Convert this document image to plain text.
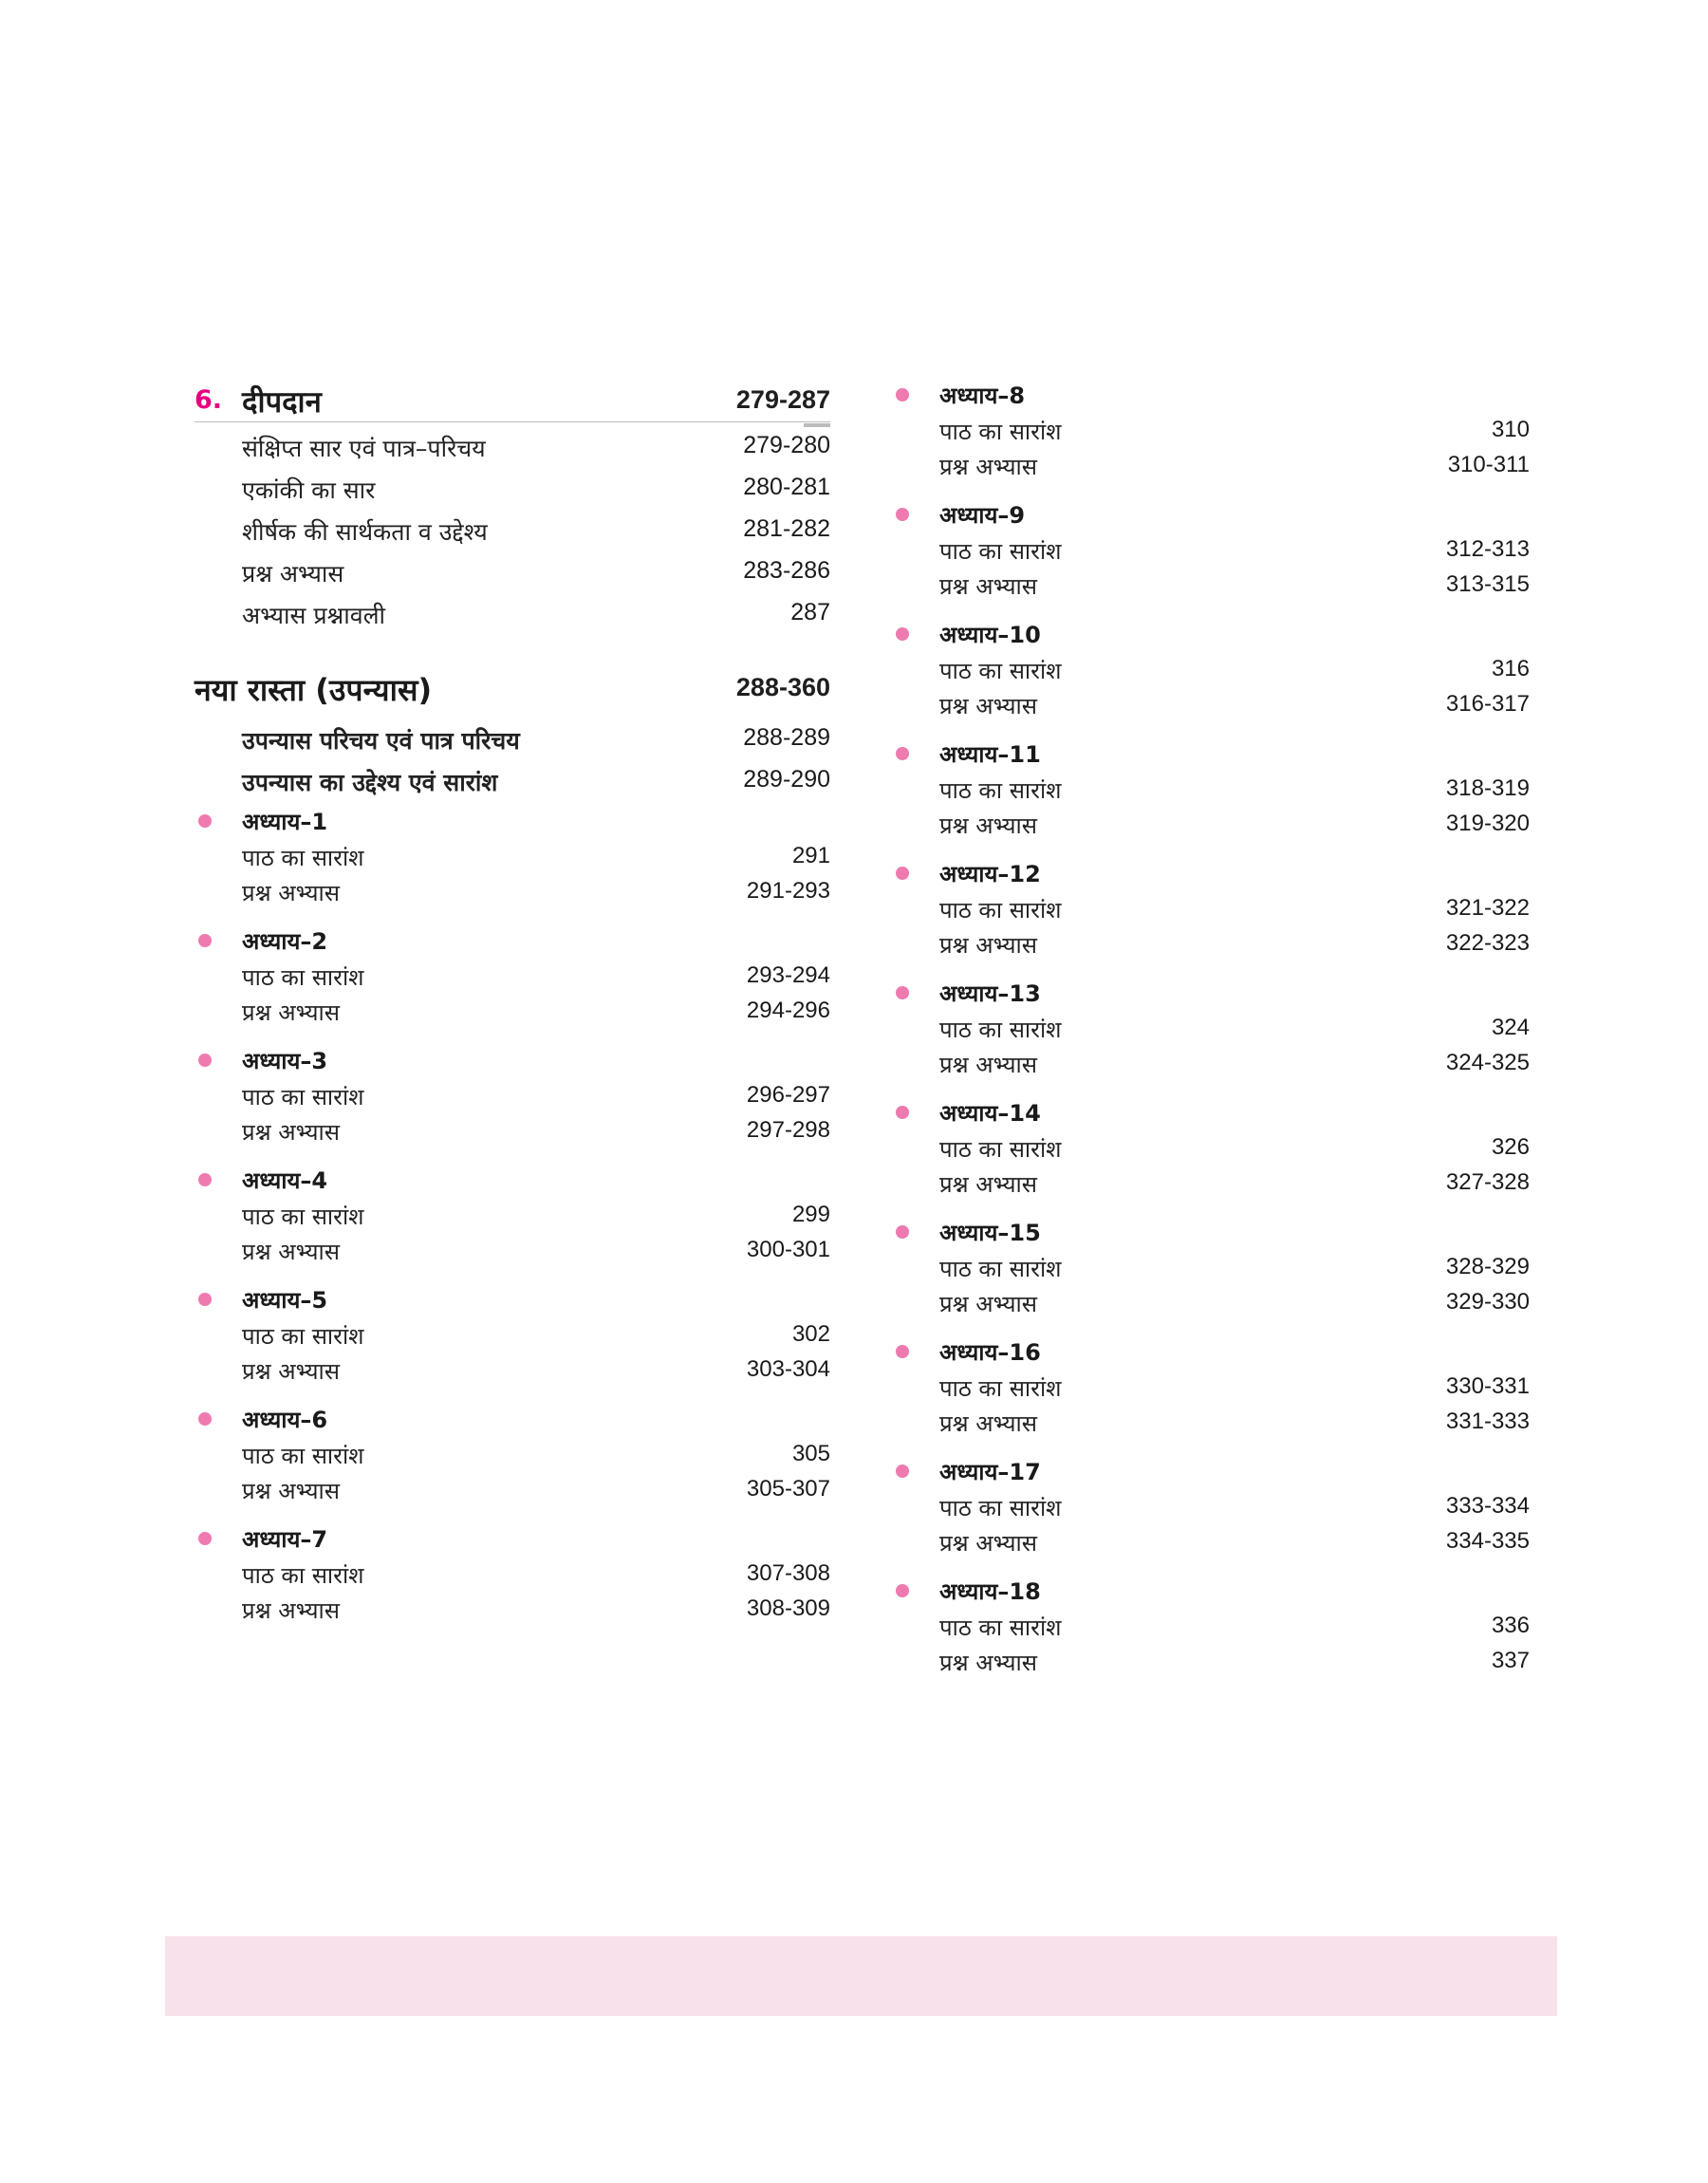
6. दीपदान	279-287
संक्षिप्त सार एवं पात्र–परिचय	279-280
एकांकी का सार	280-281
शीर्षक की सार्थकता व उद्देश्य	281-282
प्रश्न अभ्यास	283-286
अभ्यास प्रश्नावली	287
नया रास्ता (उपन्यास)	288-360
उपन्यास परिचय एवं पात्र परिचय	288-289
उपन्यास का उद्देश्य एवं सारांश	289-290
अध्याय–1
पाठ का सारांश	291
प्रश्न अभ्यास	291-293
अध्याय–2
पाठ का सारांश	293-294
प्रश्न अभ्यास	294-296
अध्याय–3
पाठ का सारांश	296-297
प्रश्न अभ्यास	297-298
अध्याय–4
पाठ का सारांश	299
प्रश्न अभ्यास	300-301
अध्याय–5
पाठ का सारांश	302
प्रश्न अभ्यास	303-304
अध्याय–6
पाठ का सारांश	305
प्रश्न अभ्यास	305-307
अध्याय–7
पाठ का सारांश	307-308
प्रश्न अभ्यास	308-309
अध्याय–8
पाठ का सारांश	310
प्रश्न अभ्यास	310-311
अध्याय–9
पाठ का सारांश	312-313
प्रश्न अभ्यास	313-315
अध्याय–10
पाठ का सारांश	316
प्रश्न अभ्यास	316-317
अध्याय–11
पाठ का सारांश	318-319
प्रश्न अभ्यास	319-320
अध्याय–12
पाठ का सारांश	321-322
प्रश्न अभ्यास	322-323
अध्याय–13
पाठ का सारांश	324
प्रश्न अभ्यास	324-325
अध्याय–14
पाठ का सारांश	326
प्रश्न अभ्यास	327-328
अध्याय–15
पाठ का सारांश	328-329
प्रश्न अभ्यास	329-330
अध्याय–16
पाठ का सारांश	330-331
प्रश्न अभ्यास	331-333
अध्याय–17
पाठ का सारांश	333-334
प्रश्न अभ्यास	334-335
अध्याय–18
पाठ का सारांश	336
प्रश्न अभ्यास	337
